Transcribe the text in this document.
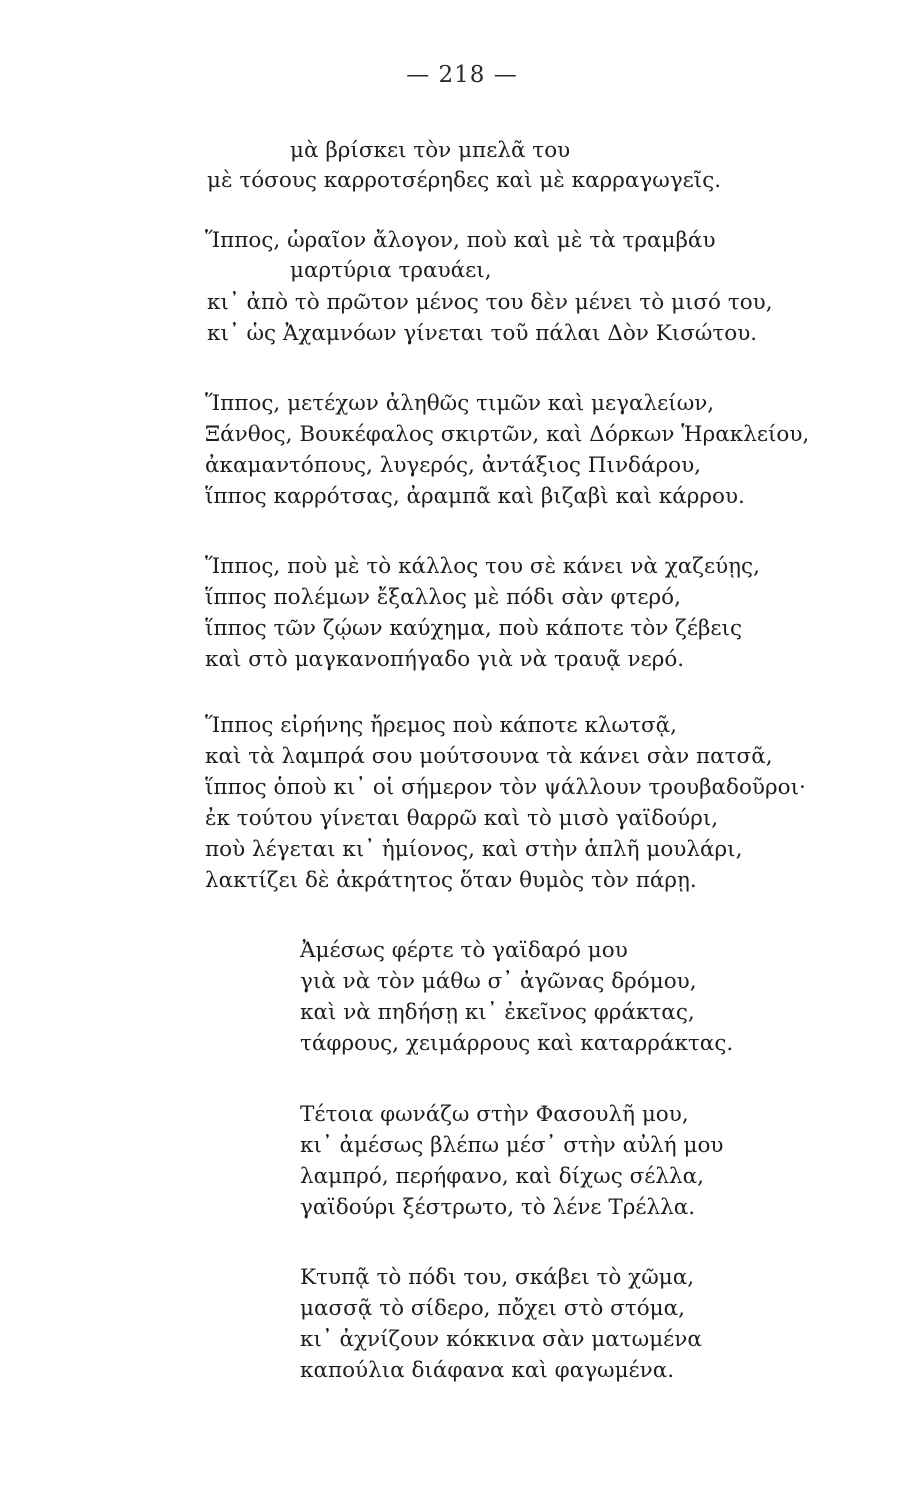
— 218 —
μὰ βρίσκει τὸν μπελᾶ του
μὲ τόσους καρροτσέρηδες καὶ μὲ καρραγωγεῖς.
Ἵππος, ὡραῖον ἄλογον, ποὺ καὶ μὲ τὰ τραμβάυ
μαρτύρια τραυάει,
κι᾿ ἀπὸ τὸ πρῶτον μένος του δὲν μένει τὸ μισό του,
κι᾿ ὡς Ἀχαμνόων γίνεται τοῦ πάλαι Δὸν Κισώτου.
Ἵππος, μετέχων ἀληθῶς τιμῶν καὶ μεγαλείων,
Ξάνθος, Βουκέφαλος σκιρτῶν, καὶ Δόρκων Ἡρακλείου,
ἀκαμαντόπους, λυγερός, ἀντάξιος Πινδάρου,
ἵππος καρρότσας, ἀραμπᾶ καὶ βιζαβὶ καὶ κάρρου.
Ἵππος, ποὺ μὲ τὸ κάλλος του σὲ κάνει νὰ χαζεύῃς,
ἵππος πολέμων ἔξαλλος μὲ πόδι σὰν φτερό,
ἵππος τῶν ζῴων καύχημα, ποὺ κάποτε τὸν ζέβεις
καὶ στὸ μαγκανοπήγαδο γιὰ νὰ τραυᾷ νερό.
Ἵππος εἰρήνης ἤρεμος ποὺ κάποτε κλωτσᾷ,
καὶ τὰ λαμπρά σου μούτσουνα τὰ κάνει σὰν πατσᾶ,
ἵππος ὁποὺ κι᾿ οἱ σήμερον τὸν ψάλλουν τρουβαδοῦροι·
ἐκ τούτου γίνεται θαρρῶ καὶ τὸ μισὸ γαϊδούρι,
ποὺ λέγεται κι᾿ ἡμίονος, καὶ στὴν ἁπλῆ μουλάρι,
λακτίζει δὲ ἀκράτητος ὅταν θυμὸς τὸν πάρῃ.
Ἀμέσως φέρτε τὸ γαϊδαρό μου
γιὰ νὰ τὸν μάθω σ᾿ ἀγῶνας δρόμου,
καὶ νὰ πηδήσῃ κι᾿ ἐκεῖνος φράκτας,
τάφρους, χειμάρρους καὶ καταρράκτας.
Τέτοια φωνάζω στὴν Φασουλῆ μου,
κι᾿ ἀμέσως βλέπω μέσ᾿ στὴν αὐλή μου
λαμπρό, περήφανο, καὶ δίχως σέλλα,
γαϊδούρι ξέστρωτο, τὸ λένε Τρέλλα.
Κτυπᾷ τὸ πόδι του, σκάβει τὸ χῶμα,
μασσᾷ τὸ σίδερο, πὄχει στὸ στόμα,
κι᾿ ἀχνίζουν κόκκινα σὰν ματωμένα
καπούλια διάφανα καὶ φαγωμένα.
